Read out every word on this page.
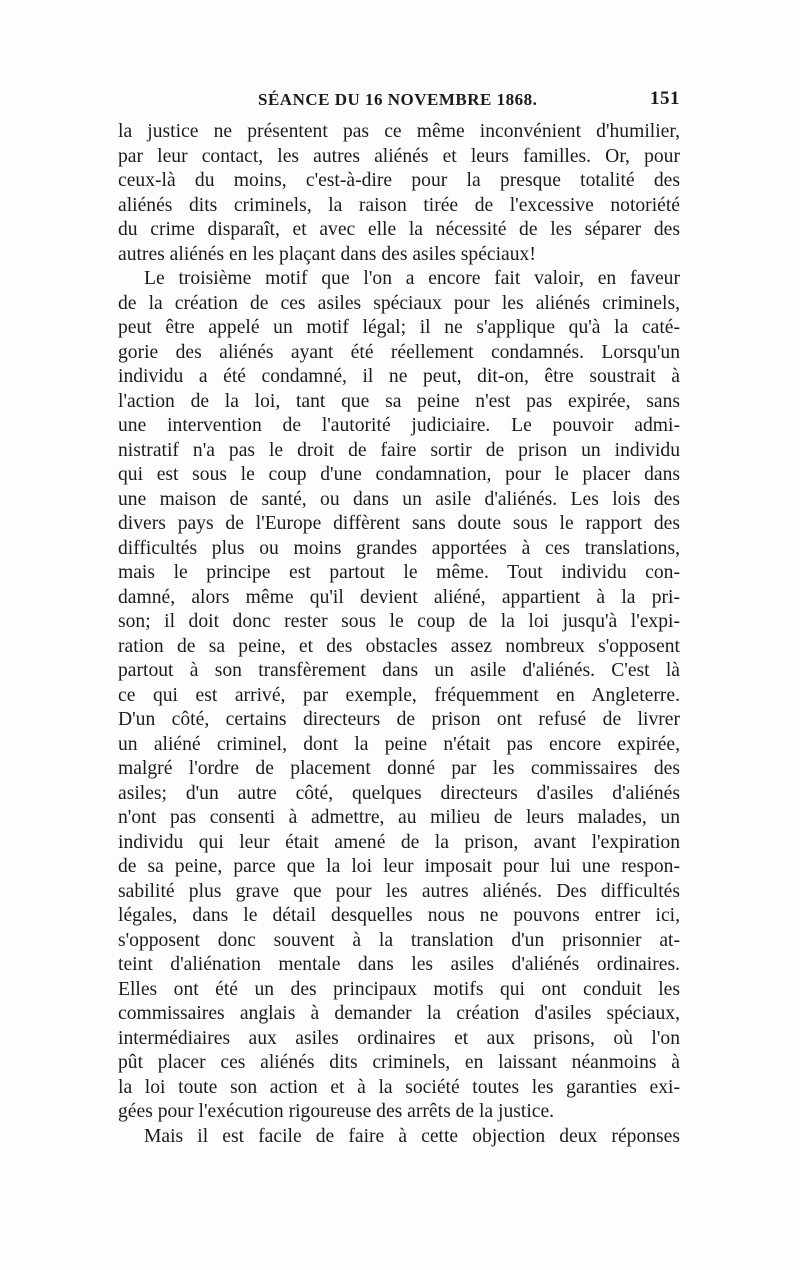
SÉANCE DU 16 NOVEMBRE 1868.	151
la justice ne présentent pas ce même inconvénient d'humilier,
par leur contact, les autres aliénés et leurs familles. Or, pour
ceux-là du moins, c'est-à-dire pour la presque totalité des
aliénés dits criminels, la raison tirée de l'excessive notoriété
du crime disparaît, et avec elle la nécessité de les séparer des
autres aliénés en les plaçant dans des asiles spéciaux!
Le troisième motif que l'on a encore fait valoir, en faveur
de la création de ces asiles spéciaux pour les aliénés criminels,
peut être appelé un motif légal; il ne s'applique qu'à la caté-
gorie des aliénés ayant été réellement condamnés. Lorsqu'un
individu a été condamné, il ne peut, dit-on, être soustrait à
l'action de la loi, tant que sa peine n'est pas expirée, sans
une intervention de l'autorité judiciaire. Le pouvoir admi-
nistratif n'a pas le droit de faire sortir de prison un individu
qui est sous le coup d'une condamnation, pour le placer dans
une maison de santé, ou dans un asile d'aliénés. Les lois des
divers pays de l'Europe diffèrent sans doute sous le rapport des
difficultés plus ou moins grandes apportées à ces translations,
mais le principe est partout le même. Tout individu con-
damné, alors même qu'il devient aliéné, appartient à la pri-
son; il doit donc rester sous le coup de la loi jusqu'à l'expi-
ration de sa peine, et des obstacles assez nombreux s'opposent
partout à son transfèrement dans un asile d'aliénés. C'est là
ce qui est arrivé, par exemple, fréquemment en Angleterre.
D'un côté, certains directeurs de prison ont refusé de livrer
un aliéné criminel, dont la peine n'était pas encore expirée,
malgré l'ordre de placement donné par les commissaires des
asiles; d'un autre côté, quelques directeurs d'asiles d'aliénés
n'ont pas consenti à admettre, au milieu de leurs malades, un
individu qui leur était amené de la prison, avant l'expiration
de sa peine, parce que la loi leur imposait pour lui une respon-
sabilité plus grave que pour les autres aliénés. Des difficultés
légales, dans le détail desquelles nous ne pouvons entrer ici,
s'opposent donc souvent à la translation d'un prisonnier at-
teint d'aliénation mentale dans les asiles d'aliénés ordinaires.
Elles ont été un des principaux motifs qui ont conduit les
commissaires anglais à demander la création d'asiles spéciaux,
intermédiaires aux asiles ordinaires et aux prisons, où l'on
pût placer ces aliénés dits criminels, en laissant néanmoins à
la loi toute son action et à la société toutes les garanties exi-
gées pour l'exécution rigoureuse des arrêts de la justice.
Mais il est facile de faire à cette objection deux réponses
